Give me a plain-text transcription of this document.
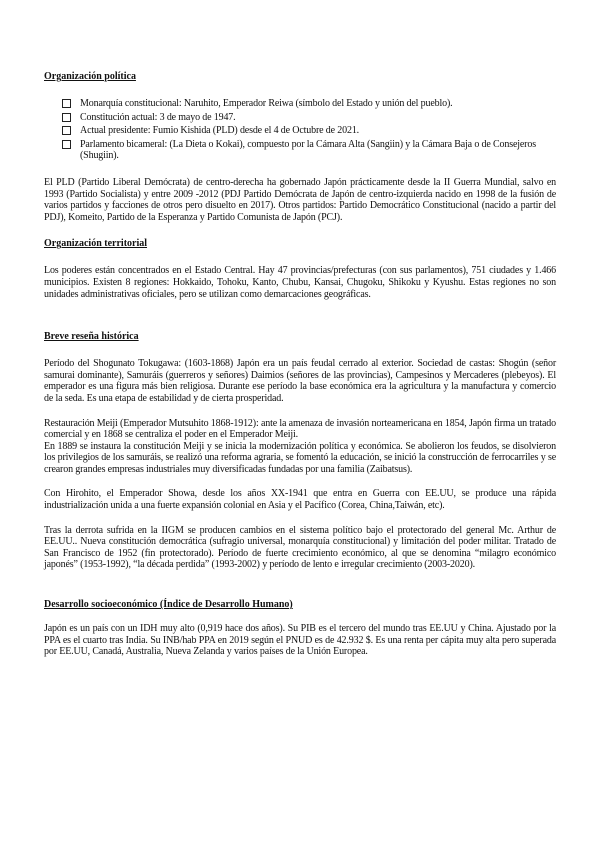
Organización política
Monarquía constitucional: Naruhito, Emperador Reiwa (símbolo del Estado y unión del pueblo).
Constitución actual: 3 de mayo de 1947.
Actual presidente: Fumio Kishida (PLD) desde el 4 de Octubre de 2021.
Parlamento bicameral: (La Dieta o Kokai), compuesto por la Cámara Alta (Sangiin) y la Cámara Baja o de Consejeros (Shugiin).

El PLD (Partido Liberal Demócrata) de centro-derecha ha gobernado Japón prácticamente desde la II Guerra Mundial, salvo en 1993 (Partido Socialista) y entre 2009 -2012 (PDJ Partido Demócrata de Japón de centro-izquierda nacido en 1998 de la fusión de varios partidos y facciones de otros pero disuelto en 2017). Otros partidos: Partido Democrático Constitucional (nacido a partir del PDJ), Komeito, Partido de la Esperanza y Partido Comunista de Japón (PCJ).

Organización territorial

Los poderes están concentrados en el Estado Central. Hay 47 provincias/prefecturas (con sus parlamentos), 751 ciudades y 1.466 municipios. Existen 8 regiones: Hokkaido, Tohoku, Kanto, Chubu, Kansai, Chugoku, Shikoku y Kyushu. Estas regiones no son unidades administrativas oficiales, pero se utilizan como demarcaciones geográficas.

Breve reseña histórica

Período del Shogunato Tokugawa: (1603-1868) Japón era un país feudal cerrado al exterior. Sociedad de castas: Shogún (señor samurai dominante), Samuráis (guerreros y señores) Daimios (señores de las provincias), Campesinos y Mercaderes (plebeyos). El emperador es una figura más bien religiosa. Durante ese período la base económica era la agricultura y la manufactura y comercio de la seda. Es una etapa de estabilidad y de cierta prosperidad.

Restauración Meiji (Emperador Mutsuhito 1868-1912): ante la amenaza de invasión norteamericana en 1854, Japón firma un tratado comercial y en 1868 se centraliza el poder en el Emperador Meiji.

En 1889 se instaura la constitución Meiji y se inicia la modernización política y económica. Se abolieron los feudos, se disolvieron los privilegios de los samuráis, se realizó una reforma agraria, se fomentó la educación, se inició la construcción de ferrocarriles y se crearon grandes empresas industriales muy diversificadas fundadas por una familia (Zaibatsus).

Con Hirohito, el Emperador Showa, desde los años XX-1941 que entra en Guerra con EE.UU, se produce una rápida industrialización unida a una fuerte expansión colonial en Asia y el Pacífico (Corea, China,Taiwán, etc).

Tras la derrota sufrida en la IIGM se producen cambios en el sistema político bajo el protectorado del general Mc. Arthur de EE.UU.. Nueva constitución democrática (sufragio universal, monarquía constitucional) y limitación del poder militar. Tratado de San Francisco de 1952 (fin protectorado). Período de fuerte crecimiento económico, al que se denomina “milagro económico japonés” (1953-1992), “la década perdida” (1993-2002) y período de lento e irregular crecimiento (2003-2020).

Desarrollo socioeconómico (Índice de Desarrollo Humano)

Japón es un país con un IDH muy alto (0,919 hace dos años). Su PIB es el tercero del mundo tras EE.UU y China. Ajustado por la PPA es el cuarto tras India. Su INB/hab PPA en 2019 según el PNUD es de 42.932 $. Es una renta per cápita muy alta pero superada por EE.UU, Canadá, Australia, Nueva Zelanda y varios países de la Unión Europea.
